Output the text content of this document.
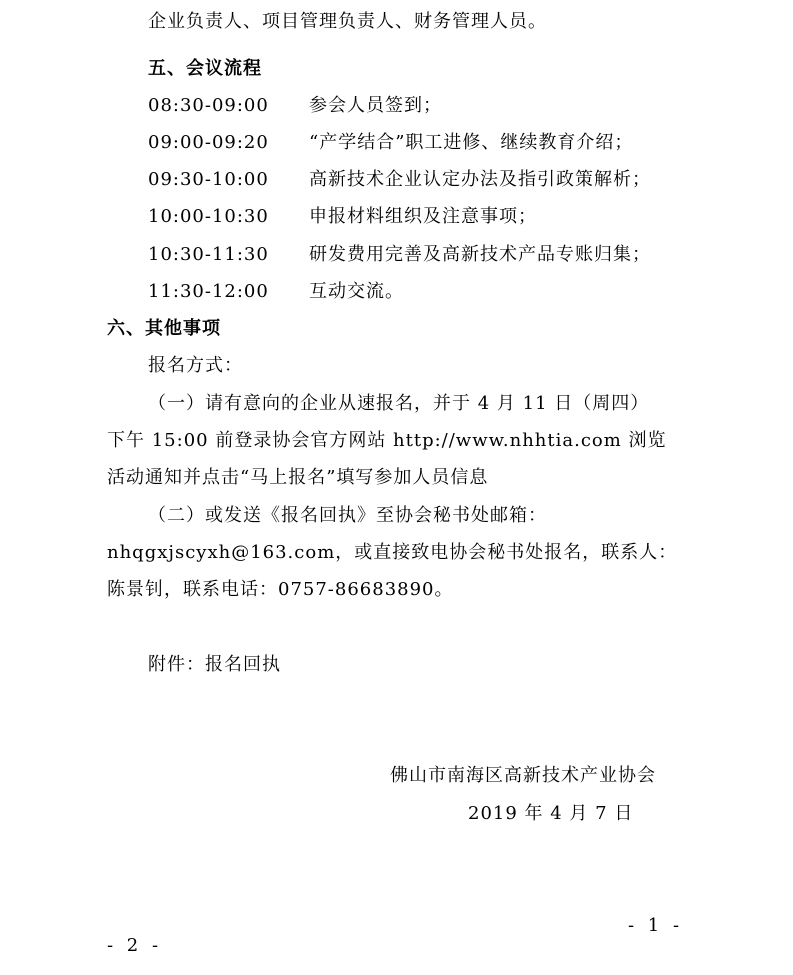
企业负责人、项目管理负责人、财务管理人员。
五、会议流程
08:30-09:00 参会人员签到；
09:00-09:20 “产学结合”职工进修、继续教育介绍；
09:30-10:00 高新技术企业认定办法及指引政策解析；
10:00-10:30 申报材料组织及注意事项；
10:30-11:30 研发费用完善及高新技术产品专账归集；
11:30-12:00 互动交流。
六、其他事项
报名方式：
（一）请有意向的企业从速报名，并于 4 月 11 日（周四）
下午 15:00 前登录协会官方网站 http://www.nhhtia.com 浏览
活动通知并点击“马上报名”填写参加人员信息
（二）或发送《报名回执》至协会秘书处邮箱：
nhqgxjscyxh@163.com，或直接致电协会秘书处报名，联系人：
陈景钊，联系电话：0757-86683890。
附件：报名回执
佛山市南海区高新技术产业协会
2019 年 4 月 7 日
- 1 -
- 2 -
